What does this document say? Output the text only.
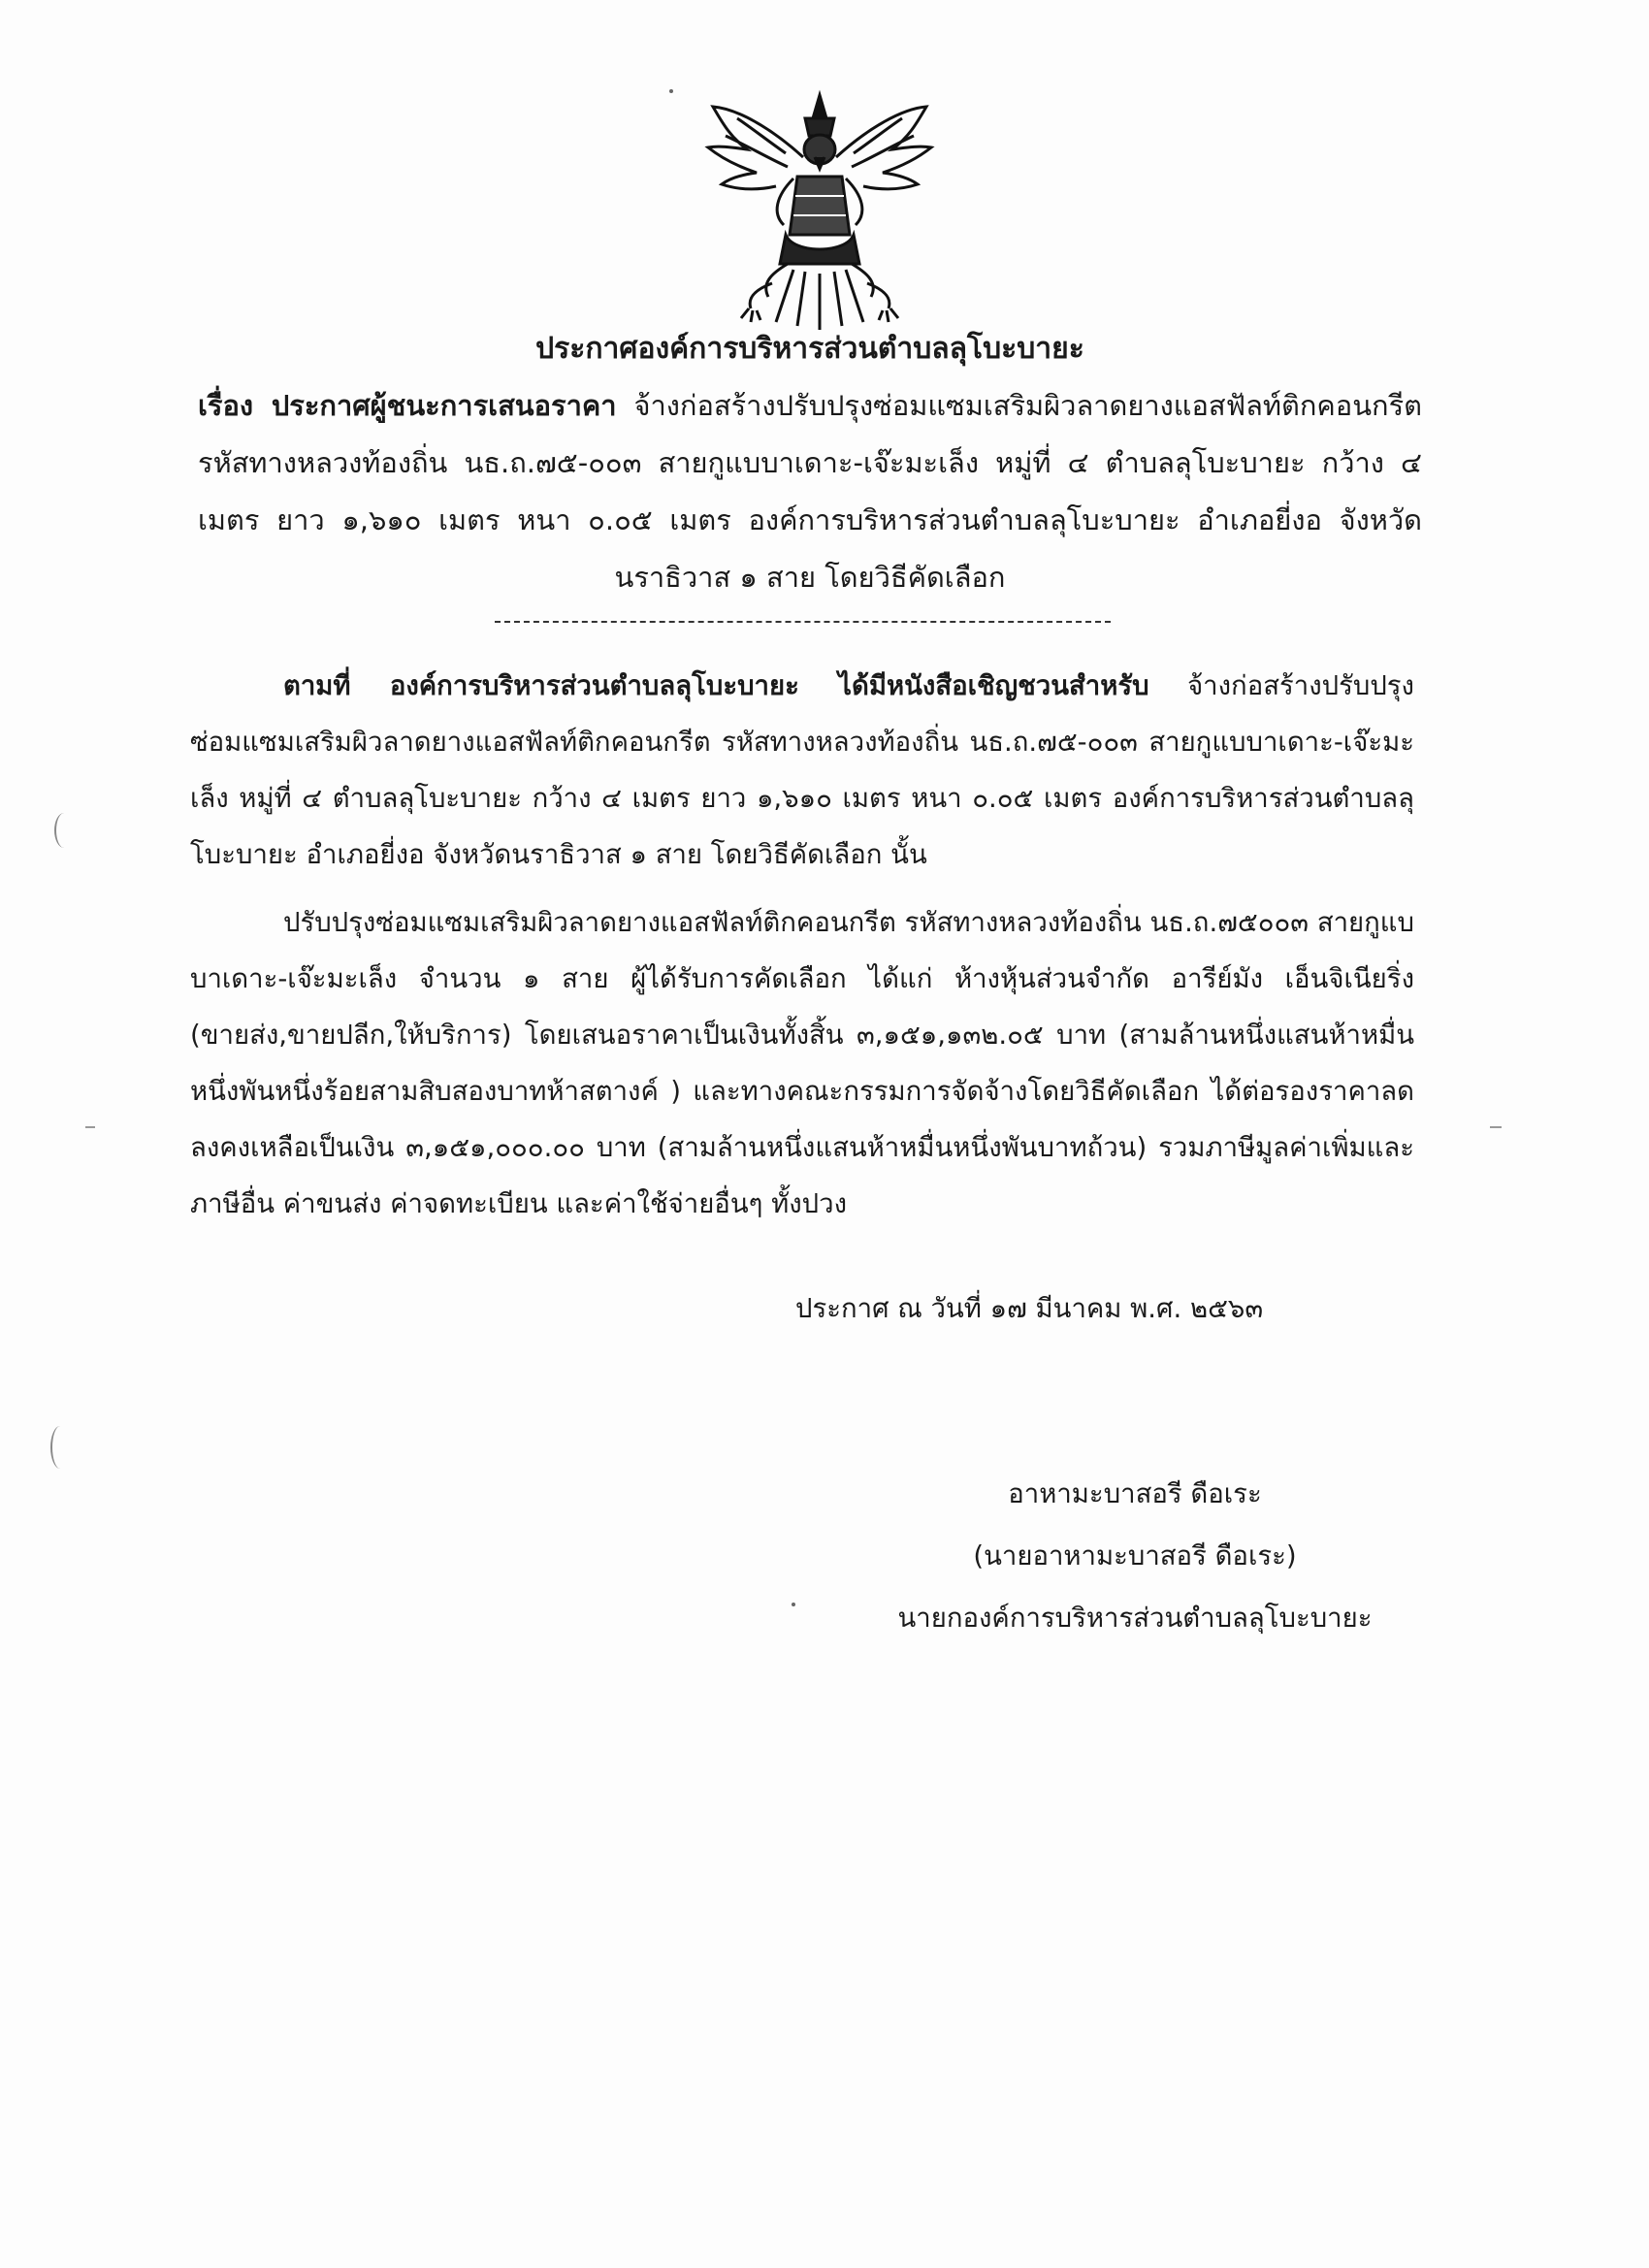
ประกาศองค์การบริหารส่วนตำบลลุโบะบายะ
เรื่อง ประกาศผู้ชนะการเสนอราคา จ้างก่อสร้างปรับปรุงซ่อมแซมเสริมผิวลาดยางแอสฟัลท์ติกคอนกรีต รหัสทางหลวงท้องถิ่น นธ.ถ.๗๕-๐๐๓ สายกูแบบาเดาะ-เจ๊ะมะเล็ง หมู่ที่ ๔ ตำบลลุโบะบายะ กว้าง ๔ เมตร ยาว ๑,๖๑๐ เมตร หนา ๐.๐๕ เมตร องค์การบริหารส่วนตำบลลุโบะบายะ อำเภอยี่งอ จังหวัดนราธิวาส ๑ สาย โดยวิธีคัดเลือก

ตามที่ องค์การบริหารส่วนตำบลลุโบะบายะ ได้มีหนังสือเชิญชวนสำหรับ จ้างก่อสร้างปรับปรุงซ่อมแซมเสริมผิวลาดยางแอสฟัลท์ติกคอนกรีต รหัสทางหลวงท้องถิ่น นธ.ถ.๗๕-๐๐๓ สายกูแบบาเดาะ-เจ๊ะมะเล็ง หมู่ที่ ๔ ตำบลลุโบะบายะ กว้าง ๔ เมตร ยาว ๑,๖๑๐ เมตร หนา ๐.๐๕ เมตร องค์การบริหารส่วนตำบลลุโบะบายะ อำเภอยี่งอ จังหวัดนราธิวาส ๑ สาย โดยวิธีคัดเลือก นั้น

ปรับปรุงซ่อมแซมเสริมผิวลาดยางแอสฟัลท์ติกคอนกรีต รหัสทางหลวงท้องถิ่น นธ.ถ.๗๕๐๐๓ สายกูแบบาเดาะ-เจ๊ะมะเล็ง จำนวน ๑ สาย ผู้ได้รับการคัดเลือก ได้แก่ ห้างหุ้นส่วนจำกัด อารีย์มัง เอ็นจิเนียริ่ง (ขายส่ง,ขายปลีก,ให้บริการ) โดยเสนอราคาเป็นเงินทั้งสิ้น ๓,๑๕๑,๑๓๒.๐๕ บาท (สามล้านหนึ่งแสนห้าหมื่นหนึ่งพันหนึ่งร้อยสามสิบสองบาทห้าสตางค์ ) และทางคณะกรรมการจัดจ้างโดยวิธีคัดเลือก ได้ต่อรองราคาลดลงคงเหลือเป็นเงิน ๓,๑๕๑,๐๐๐.๐๐ บาท (สามล้านหนึ่งแสนห้าหมื่นหนึ่งพันบาทถ้วน) รวมภาษีมูลค่าเพิ่มและภาษีอื่น ค่าขนส่ง ค่าจดทะเบียน และค่าใช้จ่ายอื่นๆ ทั้งปวง

ประกาศ ณ วันที่ ๑๗ มีนาคม พ.ศ. ๒๕๖๓
อาหามะบาสอรี ดือเระ
(นายอาหามะบาสอรี ดือเระ)
นายกองค์การบริหารส่วนตำบลลุโบะบายะ
